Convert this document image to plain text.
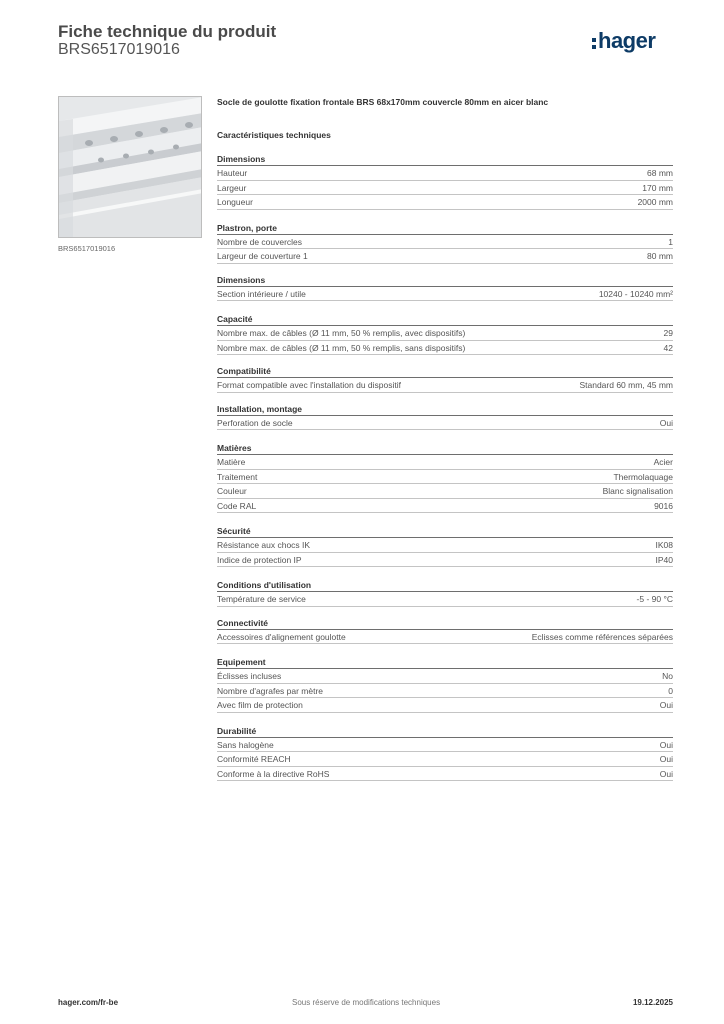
Fiche technique du produit
BRS6517019016	hager
BRS6517019016
Socle de goulotte fixation frontale BRS 68x170mm couvercle 80mm en aicer blanc
Caractéristiques techniques
Dimensions
Hauteur	68 mm
Largeur	170 mm
Longueur	2000 mm
Plastron, porte
Nombre de couvercles	1
Largeur de couverture 1	80 mm
Dimensions
Section intérieure / utile	10240 - 10240 mm²
Capacité
Nombre max. de câbles (Ø 11 mm, 50 % remplis, avec dispositifs)	29
Nombre max. de câbles (Ø 11 mm, 50 % remplis, sans dispositifs)	42
Compatibilité
Format compatible avec l'installation du dispositif	Standard 60 mm, 45 mm
Installation, montage
Perforation de socle	Oui
Matières
Matière	Acier
Traitement	Thermolaquage
Couleur	Blanc signalisation
Code RAL	9016
Sécurité
Résistance aux chocs IK	IK08
Indice de protection IP	IP40
Conditions d'utilisation
Température de service	-5 - 90 °C
Connectivité
Accessoires d'alignement goulotte	Eclisses comme références séparées
Equipement
Éclisses incluses	No
Nombre d'agrafes par mètre	0
Avec film de protection	Oui
Durabilité
Sans halogène	Oui
Conformité REACH	Oui
Conforme à la directive RoHS	Oui
hager.com/fr-be	Sous réserve de modifications techniques	19.12.2025
